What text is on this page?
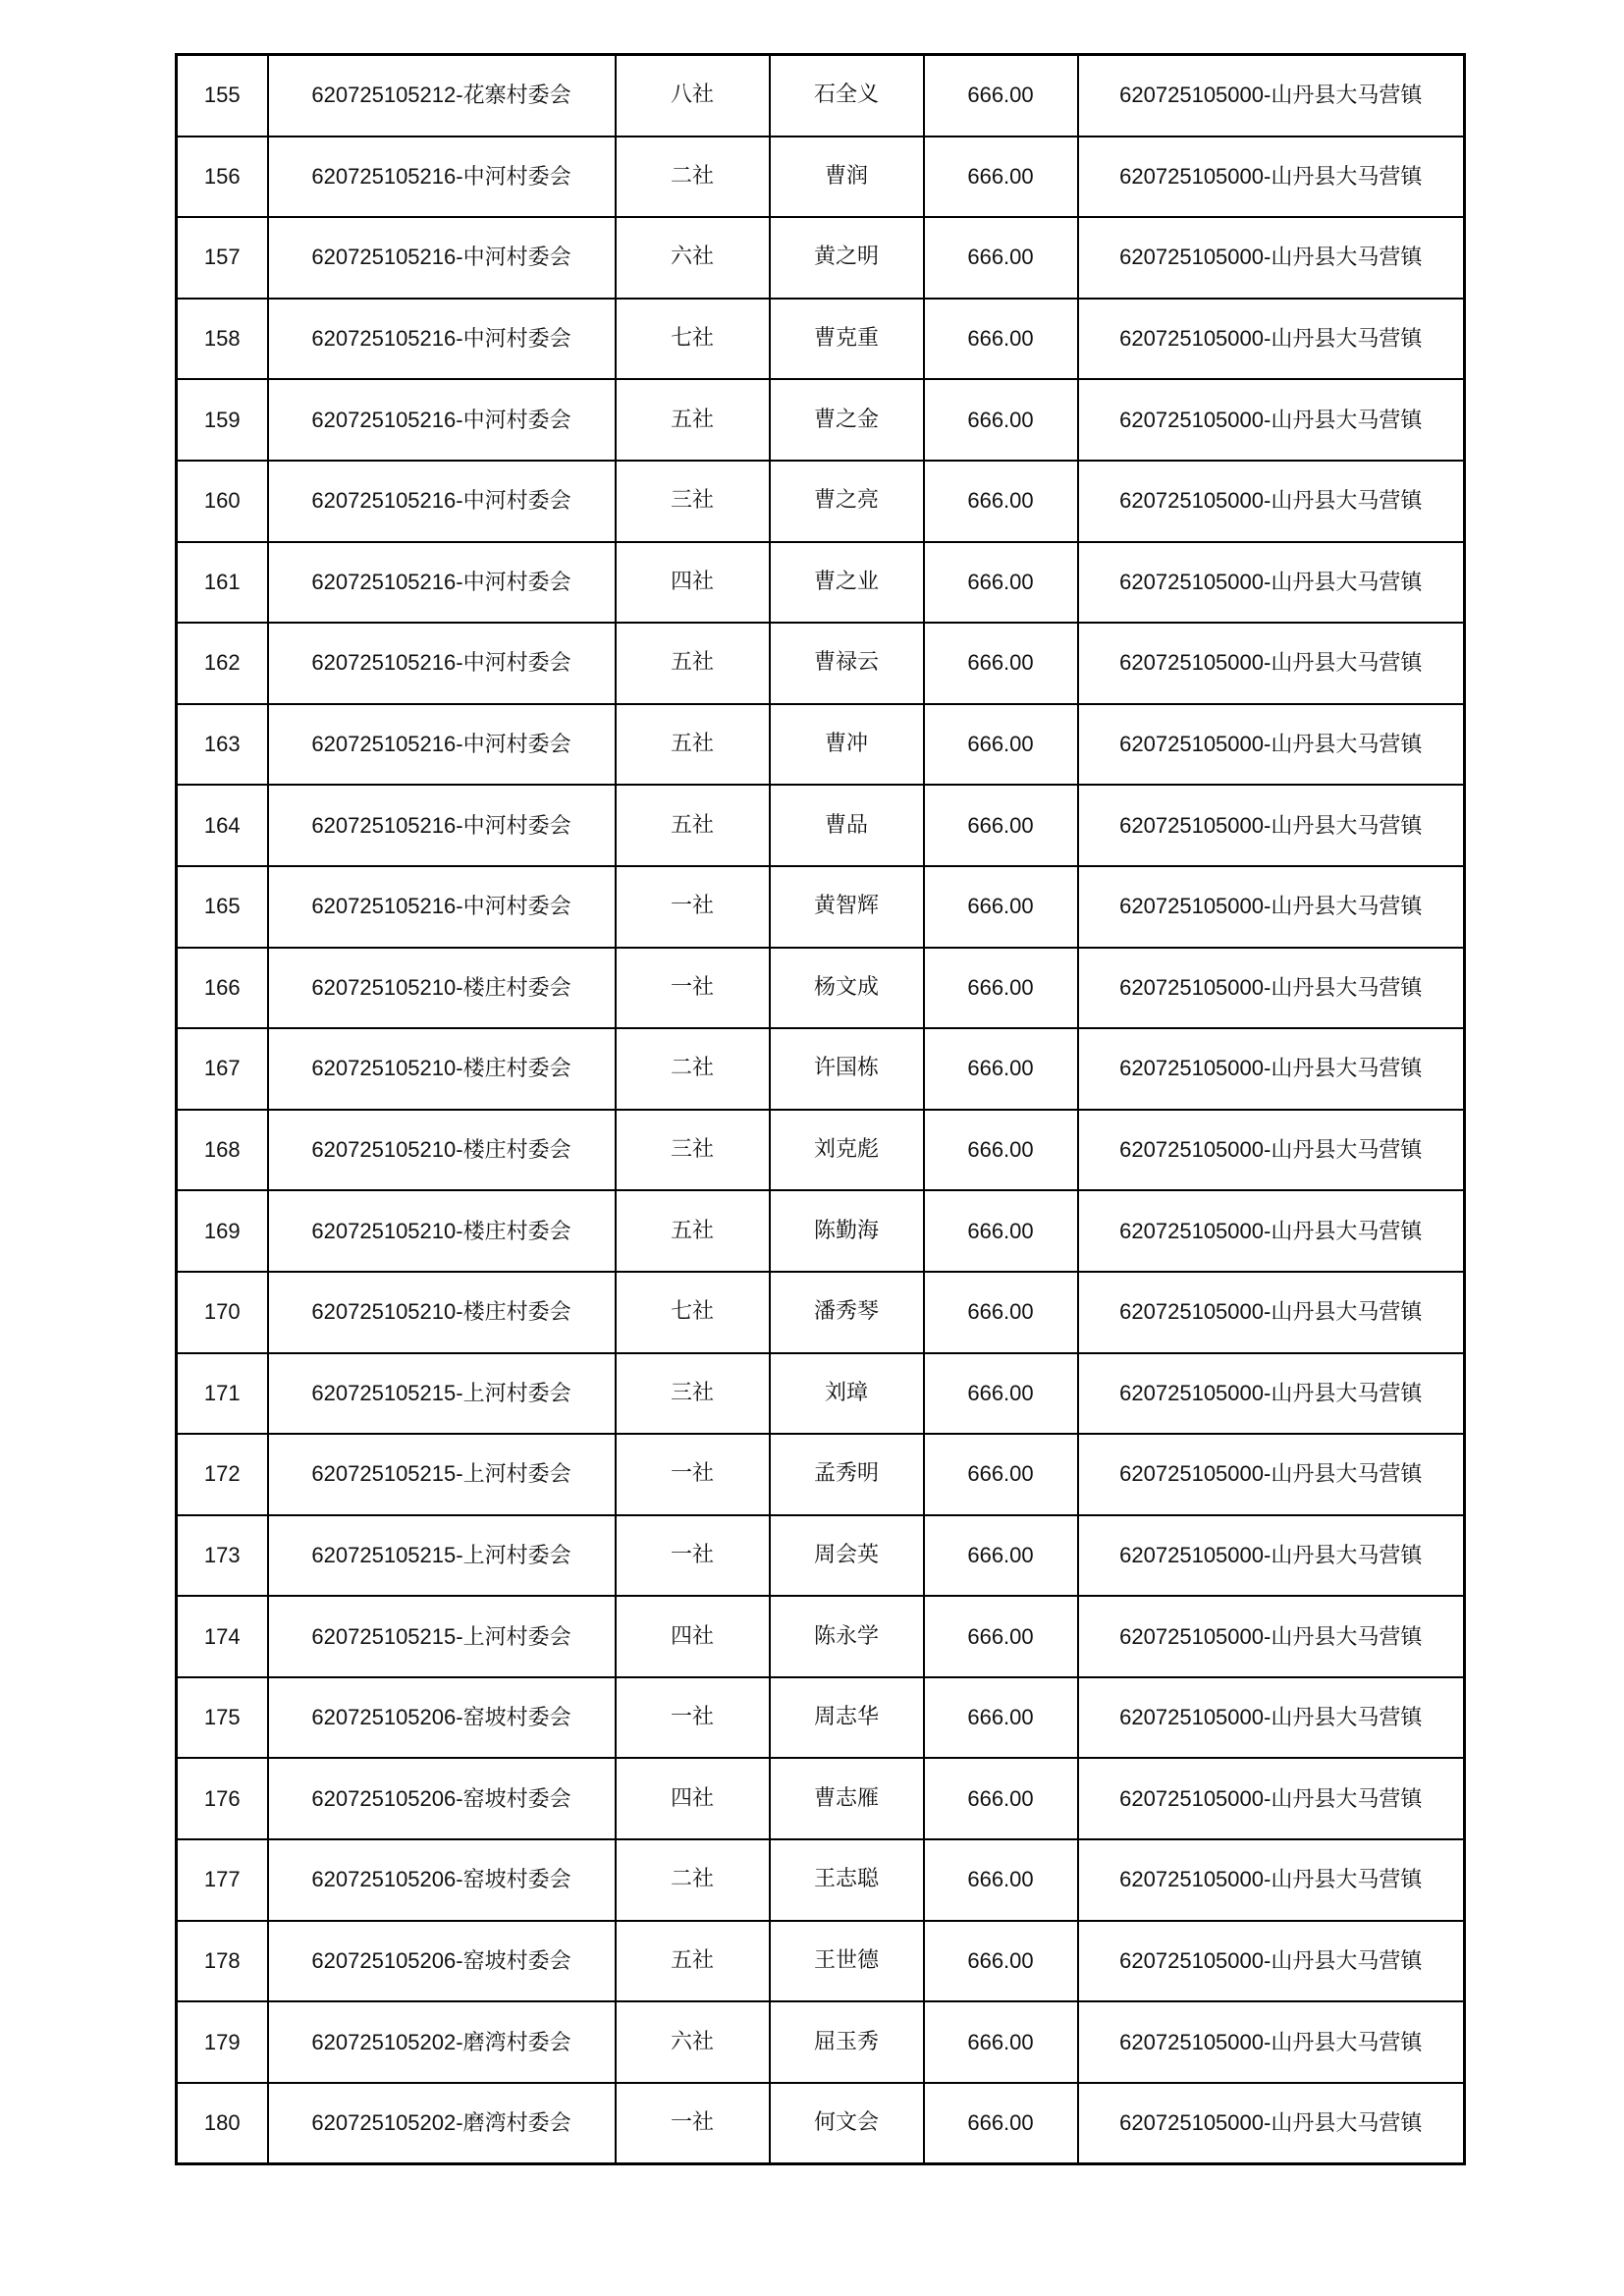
155	620725105212-花寨村委会	八社	石全义	666.00	620725105000-山丹县大马营镇
156	620725105216-中河村委会	二社	曹润	666.00	620725105000-山丹县大马营镇
157	620725105216-中河村委会	六社	黄之明	666.00	620725105000-山丹县大马营镇
158	620725105216-中河村委会	七社	曹克重	666.00	620725105000-山丹县大马营镇
159	620725105216-中河村委会	五社	曹之金	666.00	620725105000-山丹县大马营镇
160	620725105216-中河村委会	三社	曹之亮	666.00	620725105000-山丹县大马营镇
161	620725105216-中河村委会	四社	曹之业	666.00	620725105000-山丹县大马营镇
162	620725105216-中河村委会	五社	曹禄云	666.00	620725105000-山丹县大马营镇
163	620725105216-中河村委会	五社	曹冲	666.00	620725105000-山丹县大马营镇
164	620725105216-中河村委会	五社	曹品	666.00	620725105000-山丹县大马营镇
165	620725105216-中河村委会	一社	黄智辉	666.00	620725105000-山丹县大马营镇
166	620725105210-楼庄村委会	一社	杨文成	666.00	620725105000-山丹县大马营镇
167	620725105210-楼庄村委会	二社	许国栋	666.00	620725105000-山丹县大马营镇
168	620725105210-楼庄村委会	三社	刘克彪	666.00	620725105000-山丹县大马营镇
169	620725105210-楼庄村委会	五社	陈勤海	666.00	620725105000-山丹县大马营镇
170	620725105210-楼庄村委会	七社	潘秀琴	666.00	620725105000-山丹县大马营镇
171	620725105215-上河村委会	三社	刘璋	666.00	620725105000-山丹县大马营镇
172	620725105215-上河村委会	一社	孟秀明	666.00	620725105000-山丹县大马营镇
173	620725105215-上河村委会	一社	周会英	666.00	620725105000-山丹县大马营镇
174	620725105215-上河村委会	四社	陈永学	666.00	620725105000-山丹县大马营镇
175	620725105206-窑坡村委会	一社	周志华	666.00	620725105000-山丹县大马营镇
176	620725105206-窑坡村委会	四社	曹志雁	666.00	620725105000-山丹县大马营镇
177	620725105206-窑坡村委会	二社	王志聪	666.00	620725105000-山丹县大马营镇
178	620725105206-窑坡村委会	五社	王世德	666.00	620725105000-山丹县大马营镇
179	620725105202-磨湾村委会	六社	屈玉秀	666.00	620725105000-山丹县大马营镇
180	620725105202-磨湾村委会	一社	何文会	666.00	620725105000-山丹县大马营镇
